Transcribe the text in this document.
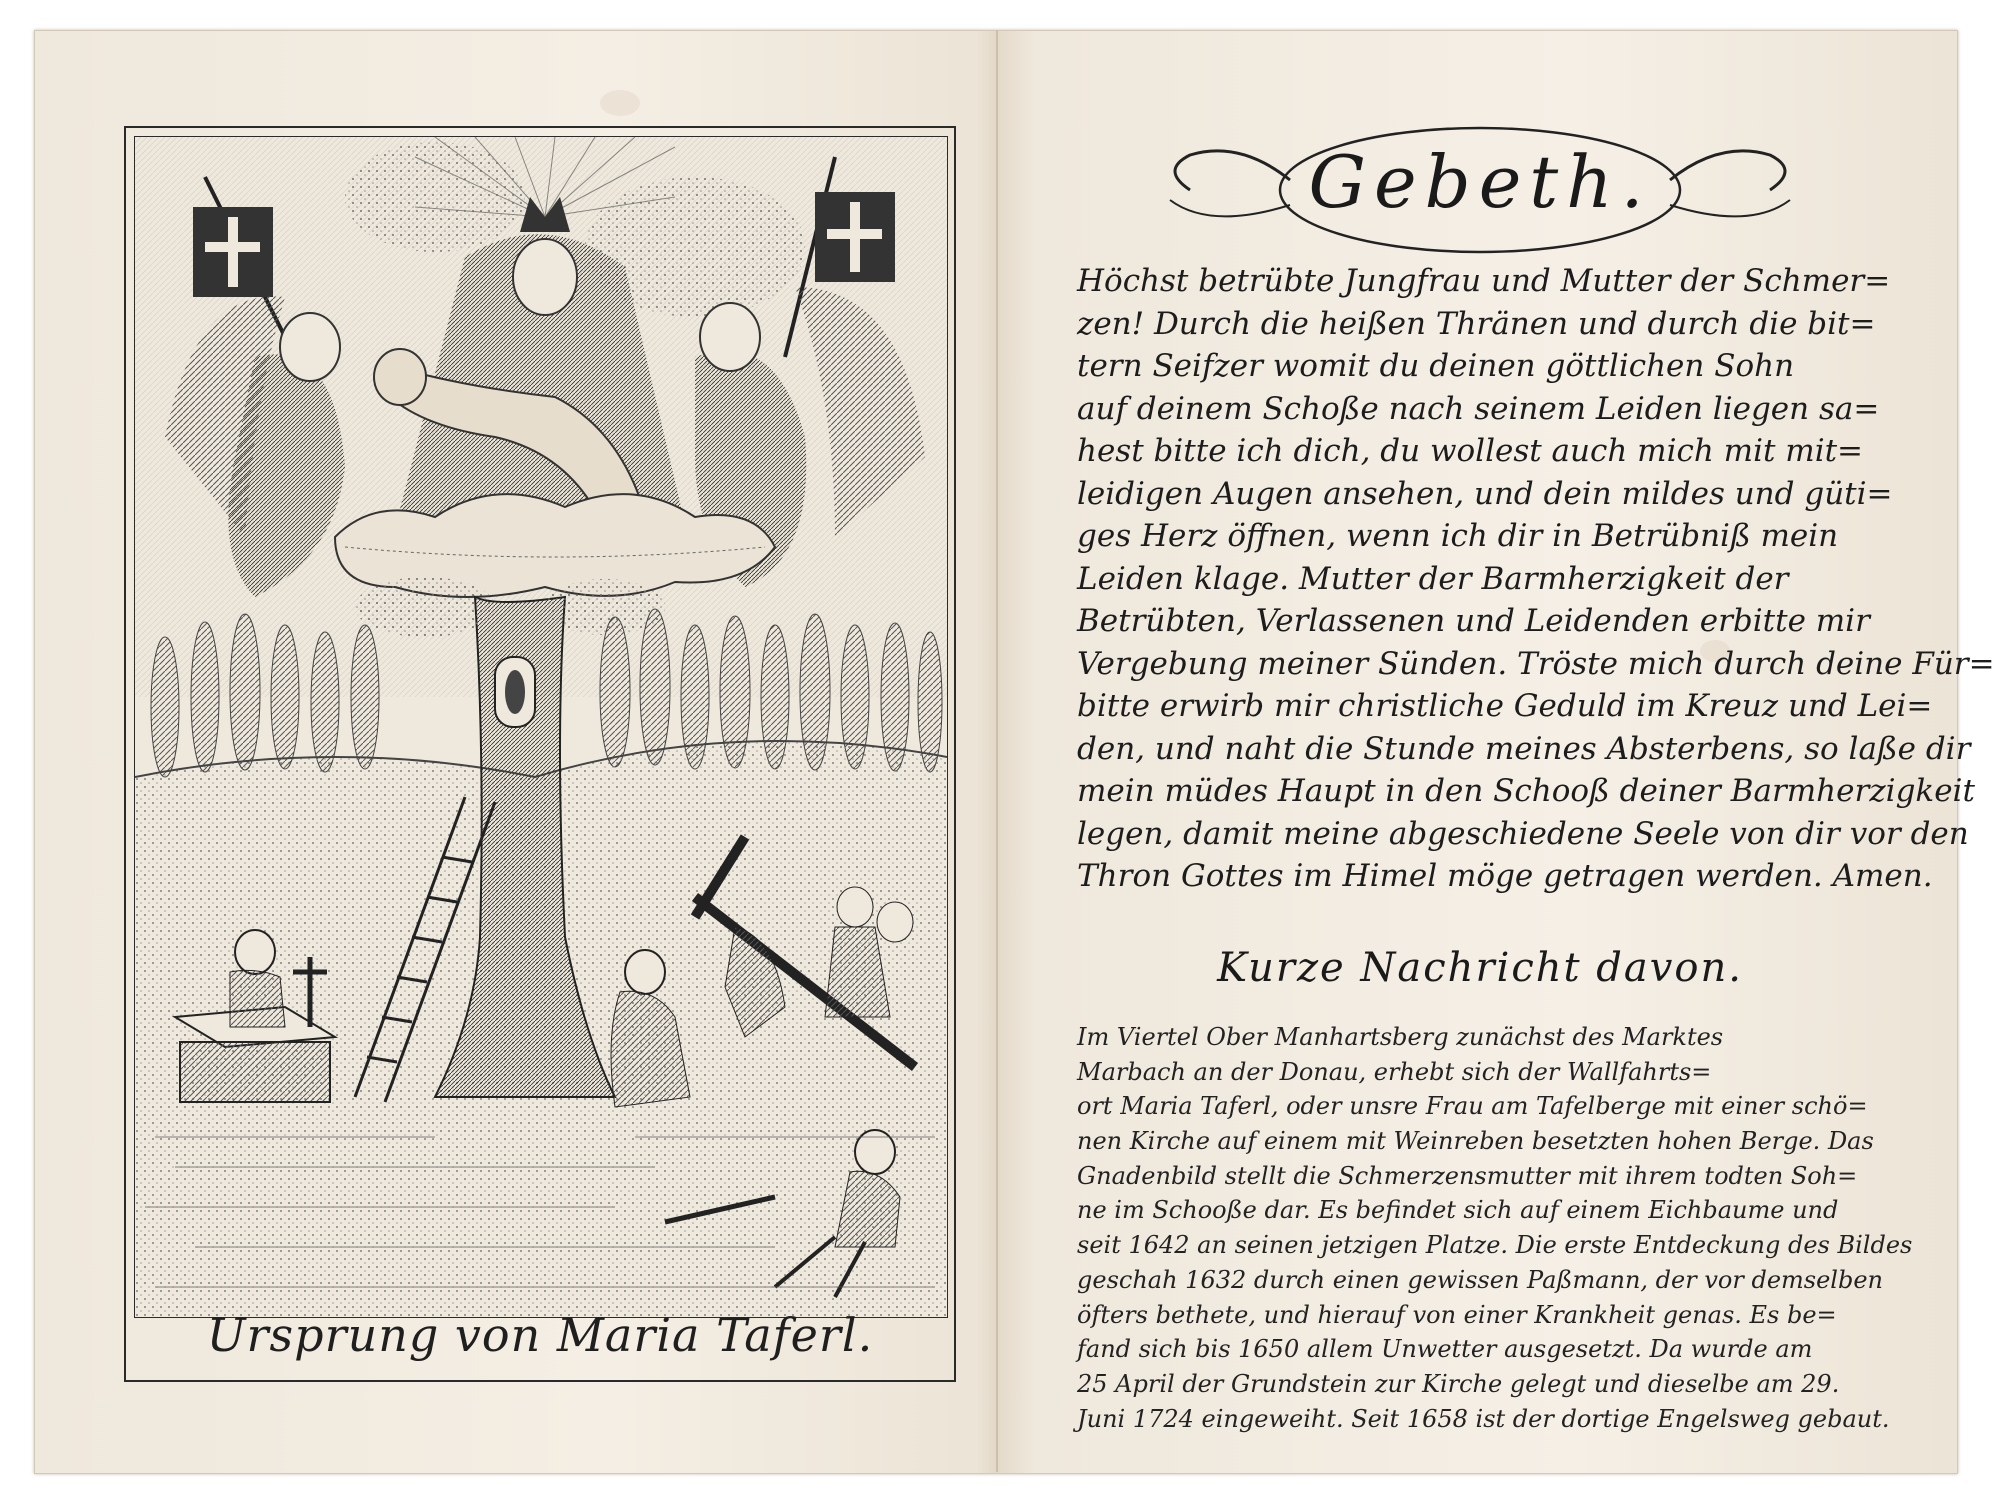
Ursprung von Maria Taferl.
Gebeth.
Höchst betrübte Jungfrau und Mutter der Schmer=
zen! Durch die heißen Thränen und durch die bit=
tern Seifzer womit du deinen göttlichen Sohn
auf deinem Schoße nach seinem Leiden liegen sa=
hest bitte ich dich, du wollest auch mich mit mit=
leidigen Augen ansehen, und dein mildes und güti=
ges Herz öffnen, wenn ich dir in Betrübniß mein
Leiden klage. Mutter der Barmherzigkeit der
Betrübten, Verlassenen und Leidenden erbitte mir
Vergebung meiner Sünden. Tröste mich durch deine Für=
bitte erwirb mir christliche Geduld im Kreuz und Lei=
den, und naht die Stunde meines Absterbens, so laße dir
mein müdes Haupt in den Schooß deiner Barmherzigkeit
legen, damit meine abgeschiedene Seele von dir vor den
Thron Gottes im Himel möge getragen werden. Amen.
Kurze Nachricht davon.
Im Viertel Ober Manhartsberg zunächst des Marktes
Marbach an der Donau, erhebt sich der Wallfahrts=
ort Maria Taferl, oder unsre Frau am Tafelberge mit einer schö=
nen Kirche auf einem mit Weinreben besetzten hohen Berge. Das
Gnadenbild stellt die Schmerzensmutter mit ihrem todten Soh=
ne im Schooße dar. Es befindet sich auf einem Eichbaume und
seit 1642 an seinen jetzigen Platze. Die erste Entdeckung des Bildes
geschah 1632 durch einen gewissen Paßmann, der vor demselben
öfters bethete, und hierauf von einer Krankheit genas. Es be=
fand sich bis 1650 allem Unwetter ausgesetzt. Da wurde am
25 April der Grundstein zur Kirche gelegt und dieselbe am 29.
Juni 1724 eingeweiht. Seit 1658 ist der dortige Engelsweg gebaut.
